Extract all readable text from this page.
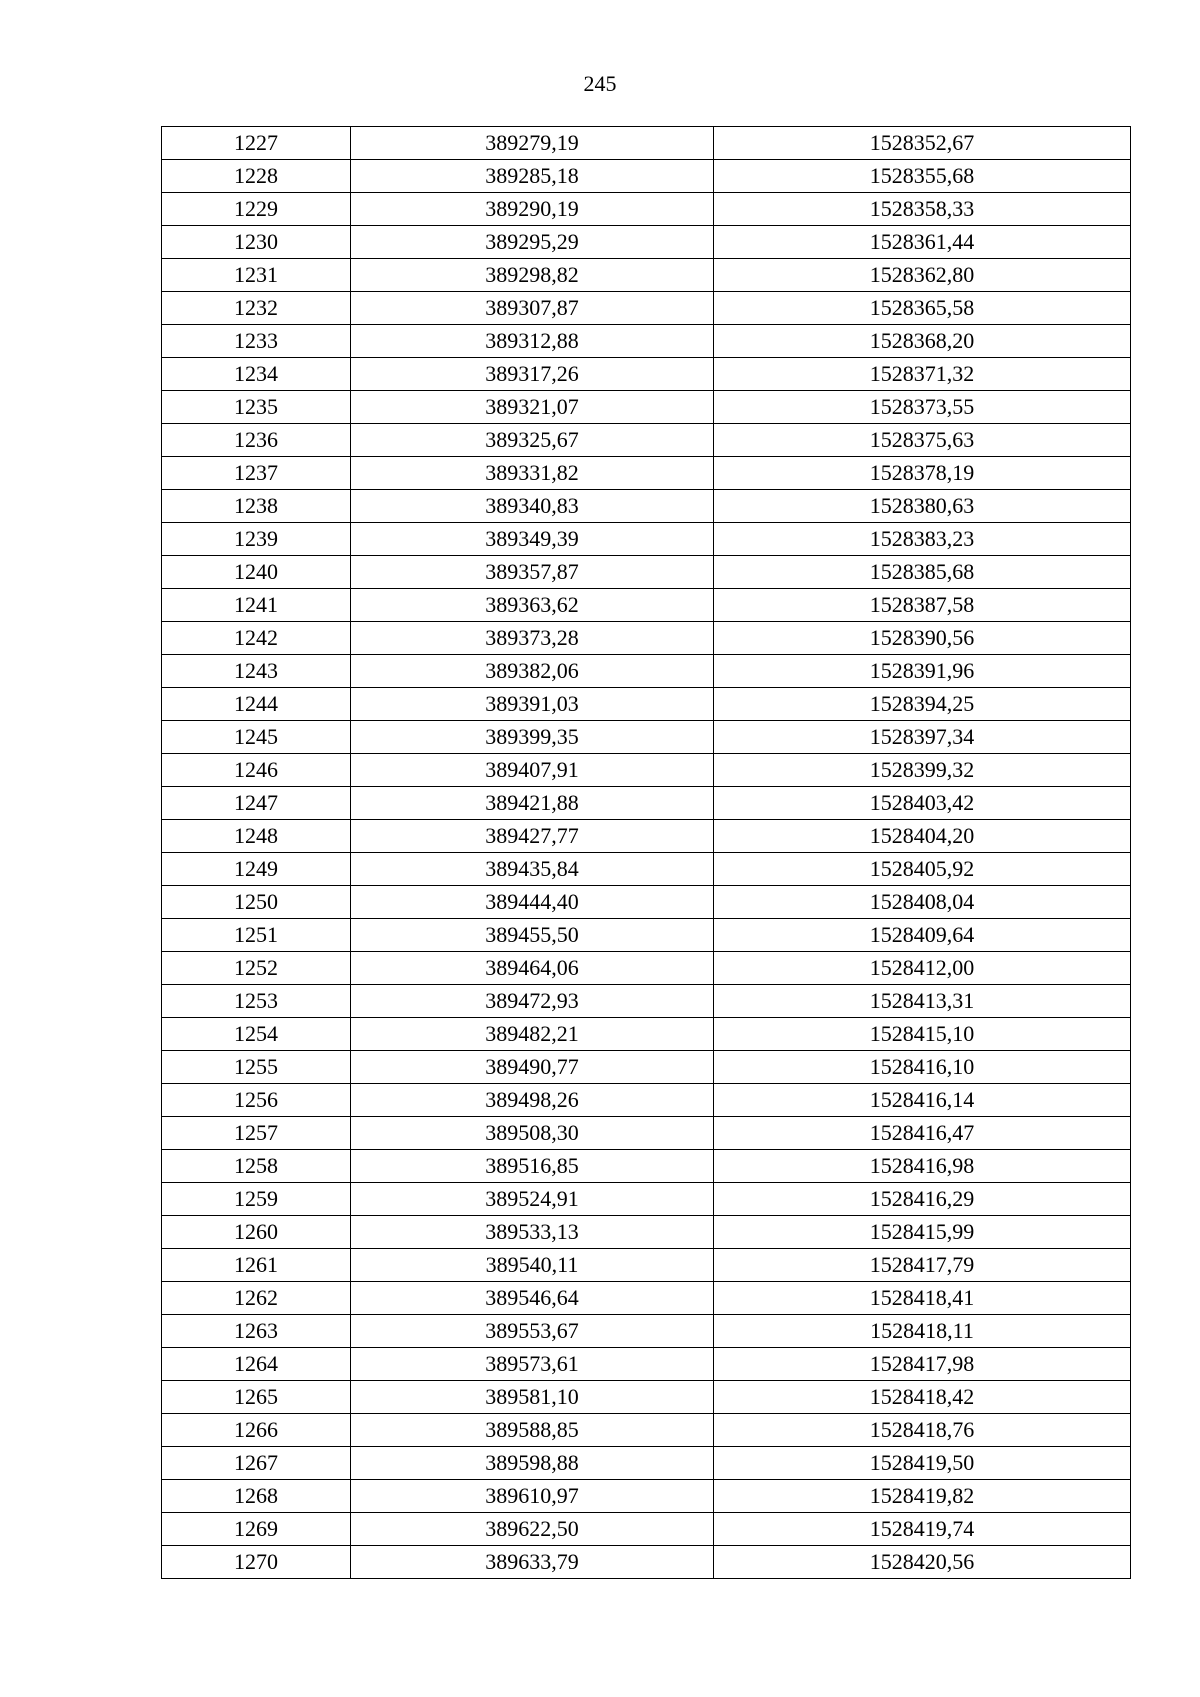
245
1227	389279,19	1528352,67
1228	389285,18	1528355,68
1229	389290,19	1528358,33
1230	389295,29	1528361,44
1231	389298,82	1528362,80
1232	389307,87	1528365,58
1233	389312,88	1528368,20
1234	389317,26	1528371,32
1235	389321,07	1528373,55
1236	389325,67	1528375,63
1237	389331,82	1528378,19
1238	389340,83	1528380,63
1239	389349,39	1528383,23
1240	389357,87	1528385,68
1241	389363,62	1528387,58
1242	389373,28	1528390,56
1243	389382,06	1528391,96
1244	389391,03	1528394,25
1245	389399,35	1528397,34
1246	389407,91	1528399,32
1247	389421,88	1528403,42
1248	389427,77	1528404,20
1249	389435,84	1528405,92
1250	389444,40	1528408,04
1251	389455,50	1528409,64
1252	389464,06	1528412,00
1253	389472,93	1528413,31
1254	389482,21	1528415,10
1255	389490,77	1528416,10
1256	389498,26	1528416,14
1257	389508,30	1528416,47
1258	389516,85	1528416,98
1259	389524,91	1528416,29
1260	389533,13	1528415,99
1261	389540,11	1528417,79
1262	389546,64	1528418,41
1263	389553,67	1528418,11
1264	389573,61	1528417,98
1265	389581,10	1528418,42
1266	389588,85	1528418,76
1267	389598,88	1528419,50
1268	389610,97	1528419,82
1269	389622,50	1528419,74
1270	389633,79	1528420,56
